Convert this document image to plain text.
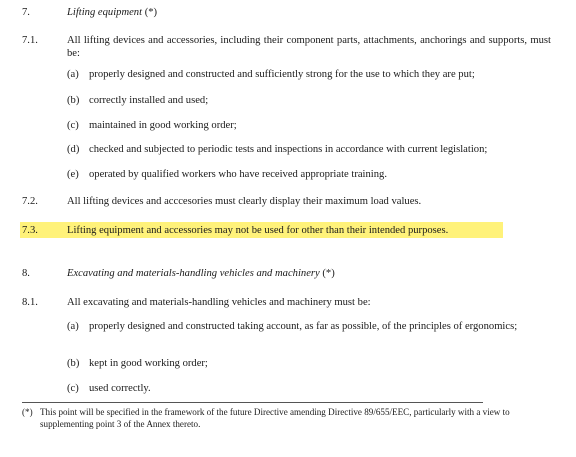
7.	Lifting equipment (*)
7.1.	All lifting devices and accessories, including their component parts, attachments, anchorings and supports, must be:
(a) properly designed and constructed and sufficiently strong for the use to which they are put;
(b) correctly installed and used;
(c) maintained in good working order;
(d) checked and subjected to periodic tests and inspections in accordance with current legislation;
(e) operated by qualified workers who have received appropriate training.
7.2.	All lifting devices and acccesories must clearly display their maximum load values.
7.3.	Lifting equipment and accessories may not be used for other than their intended purposes.
8.	Excavating and materials-handling vehicles and machinery (*)
8.1.	All excavating and materials-handling vehicles and machinery must be:
(a) properly designed and constructed taking account, as far as possible, of the principles of ergonomics;
(b) kept in good working order;
(c) used correctly.
(*) This point will be specified in the framework of the future Directive amending Directive 89/655/EEC, particularly with a view to supplementing point 3 of the Annex thereto.
